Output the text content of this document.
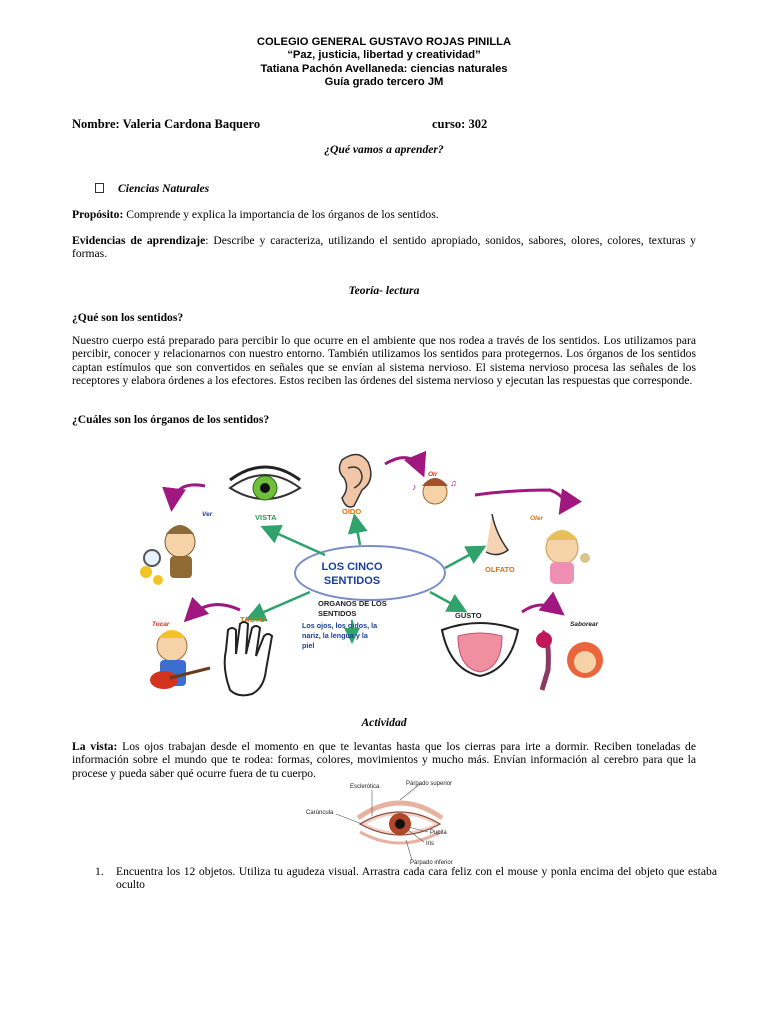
COLEGIO GENERAL GUSTAVO ROJAS PINILLA
“Paz, justicia, libertad y creatividad”
Tatiana Pachón Avellaneda: ciencias naturales
Guía grado tercero JM
Nombre: Valeria Cardona Baquero	curso: 302
¿Qué vamos a aprender?
Ciencias Naturales
Propósito: Comprende y explica la importancia de los órganos de los sentidos.
Evidencias de aprendizaje: Describe y caracteriza, utilizando el sentido apropiado, sonidos, sabores, olores, colores, texturas y formas.
Teoría- lectura
¿Qué son los sentidos?
Nuestro cuerpo está preparado para percibir lo que ocurre en el ambiente que nos rodea a través de los sentidos. Los utilizamos para percibir, conocer y relacionarnos con nuestro entorno. También utilizamos los sentidos para protegernos. Los órganos de los sentidos captan estímulos que son convertidos en señales que se envían al sistema nervioso. El sistema nervioso procesa las señales de los receptores y elabora órdenes a los efectores. Estos reciben las órdenes del sistema nervioso y ejecutan las respuestas que corresponde.
¿Cuáles son los órganos de los sentidos?
LOS CINCO
SENTIDOS
ORGANOS DE LOS
SENTIDOS
Los ojos, los oídos, la
nariz, la lengua y la
piel
VISTA
Ver	OIDO
Oír
♪	♫
Oler
OLFATO
GUSTO
Saborear
TACTO
Tocar
Actividad
La vista: Los ojos trabajan desde el momento en que te levantas hasta que los cierras para irte a dormir. Reciben toneladas de información sobre el mundo que te rodea: formas, colores, movimientos y mucho más. Envían información al cerebro para que la procese y pueda saber qué ocurre fuera de tu cuerpo.
Esclerótica	Párpado superior
Carúncula
Pupila
Iris
Párpado inferior
1. Encuentra los 12 objetos. Utiliza tu agudeza visual. Arrastra cada cara feliz con el mouse y ponla encima del objeto que estaba oculto
